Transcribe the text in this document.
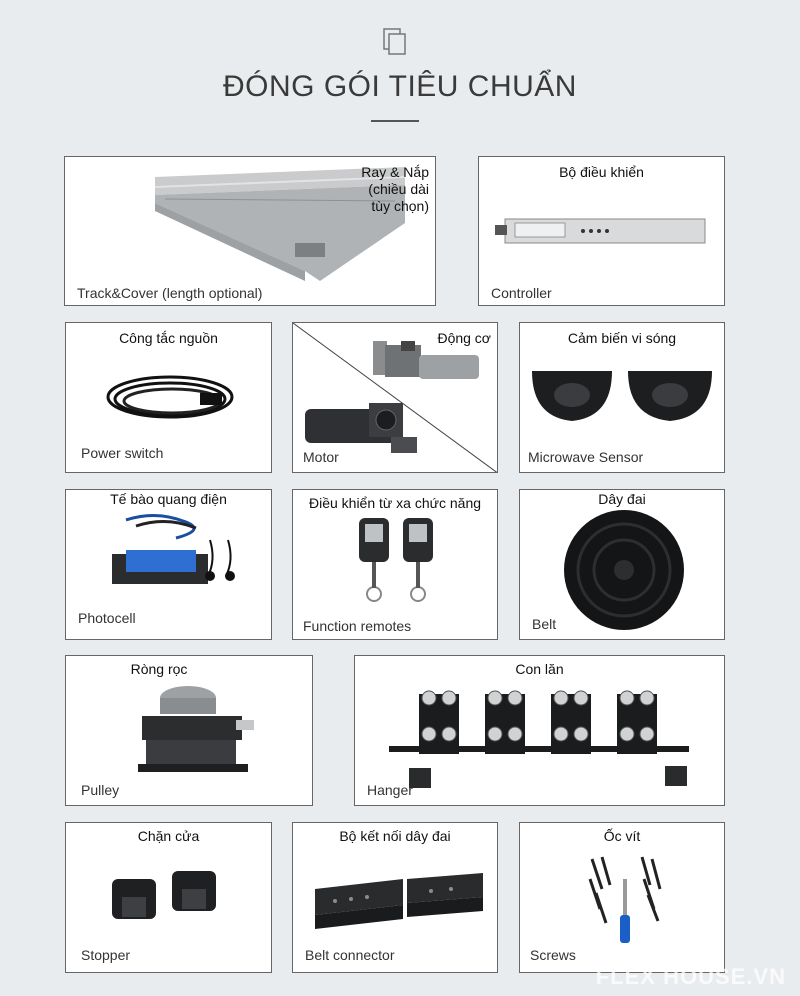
ĐÓNG GÓI TIÊU CHUẨN
Ray & Nắp
(chiều dài
tùy chọn)
Track&Cover (length optional)
Bộ điều khiển
Controller
Công tắc nguồn
Power switch
Động cơ
Motor
Cảm biến vi sóng
Microwave Sensor
Tế bào quang điện
Photocell
Điều khiển từ xa chức năng
Function remotes
Dây đai
Belt
Ròng rọc
Pulley
Con lăn
Hanger
Chặn cửa
Stopper
Bộ kết nối dây đai
Belt connector
Ốc vít
Screws
FLEX HOUSE.VN
